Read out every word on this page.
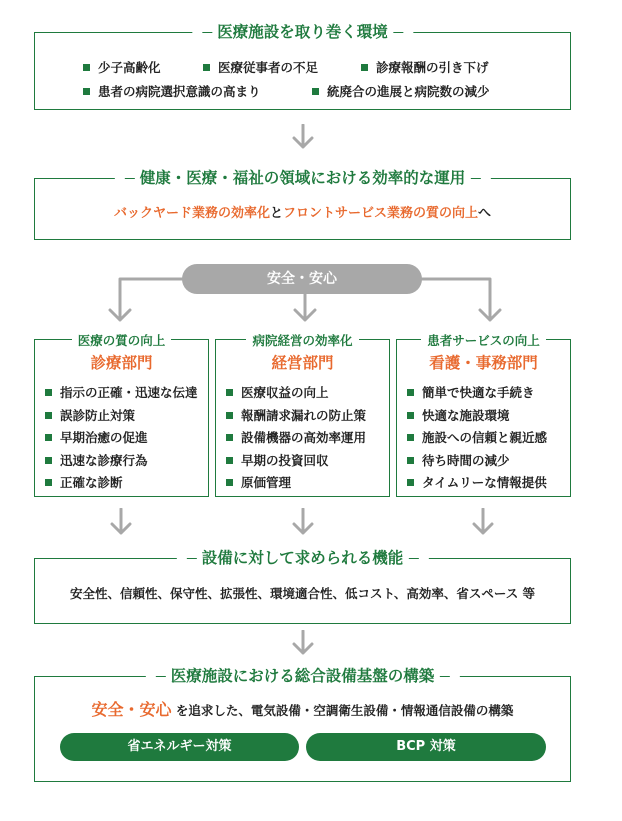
医療施設を取り巻く環境
少子高齢化	医療従事者の不足	診療報酬の引き下げ
患者の病院選択意識の高まり	統廃合の進展と病院数の減少
健康・医療・福祉の領域における効率的な運用
バックヤード業務の効率化とフロントサービス業務の質の向上へ
安全・安心
医療の質の向上
診療部門
指示の正確・迅速な伝達
誤診防止対策
早期治癒の促進
迅速な診療行為
正確な診断
病院経営の効率化
経営部門
医療収益の向上
報酬請求漏れの防止策
設備機器の高効率運用
早期の投資回収
原価管理
患者サービスの向上
看護・事務部門
簡単で快適な手続き
快適な施設環境
施設への信頼と親近感
待ち時間の減少
タイムリーな情報提供
設備に対して求められる機能
安全性、信頼性、保守性、拡張性、環境適合性、低コスト、高効率、省スペース 等
医療施設における総合設備基盤の構築
安全・安心 を追求した、電気設備・空調衛生設備・情報通信設備の構築
省エネルギー対策	BCP 対策
